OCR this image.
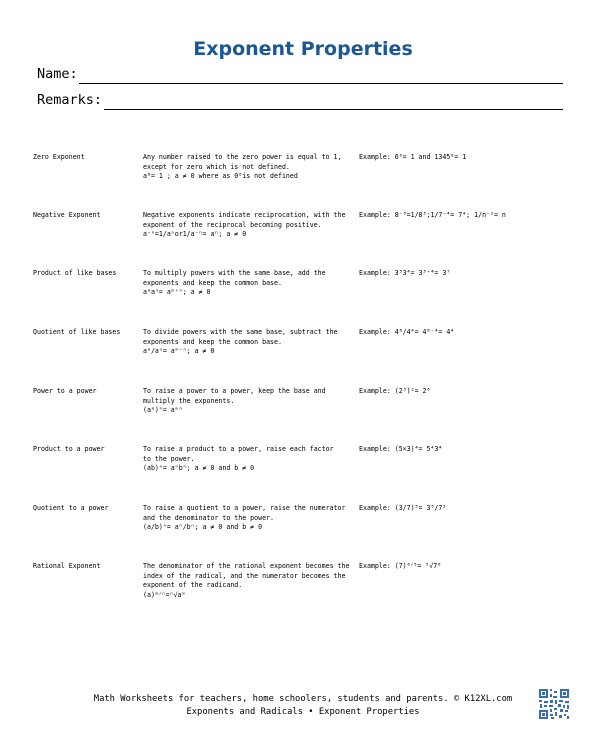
Exponent Properties
Name:
Remarks:
Zero Exponent	Any number raised to the zero power is equal to 1,
except for zero which is not defined.
a⁰= 1 ; a ≠ 0 where as 0⁰is not defined
Example: 6⁰= 1 and 1345⁰= 1
Negative Exponent	Negative exponents indicate reciprocation, with the
exponent of the reciprocal becoming positive.
a⁻ⁿ=1/aⁿor1/a⁻ⁿ= aⁿ; a ≠ 0
Example: 8⁻³=1/8³;1/7⁻⁴= 7⁴; 1/n⁻¹= n
Product of like bases	To multiply powers with the same base, add the
exponents and keep the common base.
aᵐaⁿ= aᵐ⁺ⁿ; a ≠ 0
Example: 3³3⁴= 3³⁺⁴= 3⁷
Quotient of like bases	To divide powers with the same base, subtract the
exponents and keep the common base.
aᵐ/aⁿ= aᵐ⁻ⁿ; a ≠ 0
Example: 4⁸/4⁴= 4⁸⁻⁴= 4⁴
Power to a power	To raise a power to a power, keep the base and
multiply the exponents.
(aᵐ)ⁿ= aᵐⁿ
Example: (2³)²= 2⁶
Product to a power	To raise a product to a power, raise each factor
to the power.
(ab)ⁿ= aⁿbⁿ; a ≠ 0 and b ≠ 0
Example: (5×3)⁴= 5⁴3⁴
Quotient to a power	To raise a quotient to a power, raise the numerator
and the denominator to the power.
(a/b)ⁿ= aⁿ/bⁿ; a ≠ 0 and b ≠ 0
Example: (3/7)⁵= 3⁵/7⁵
Rational Exponent	The denominator of the rational exponent becomes the
index of the radical, and the numerator becomes the
exponent of the radicand.
(a)ᵐᐟⁿ=ⁿ√aᵐ
Example: (7)⁶ᐟ⁵= ⁵√7⁶
Math Worksheets for teachers, home schoolers, students and parents. © K12XL.com
Exponents and Radicals • Exponent Properties
